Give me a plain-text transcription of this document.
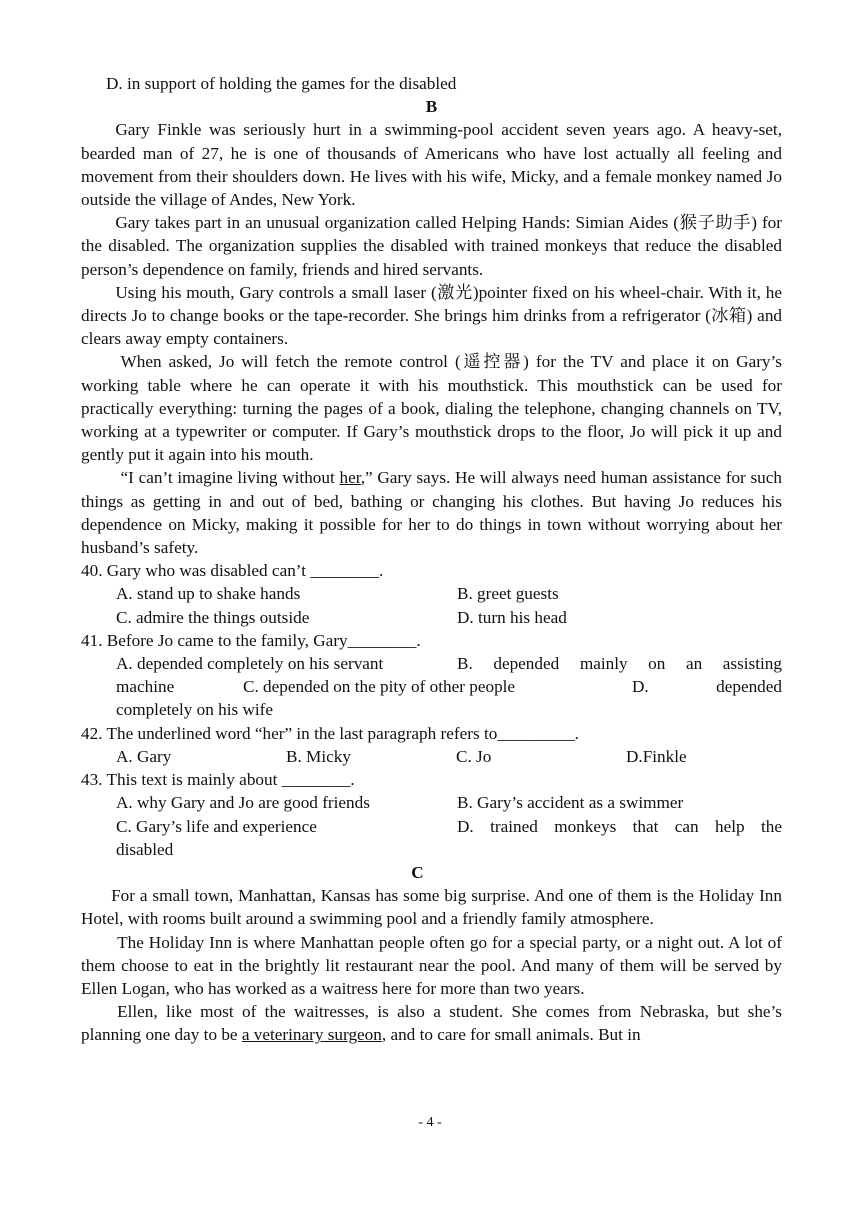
D. in support of holding the games for the disabled

B

Gary Finkle was seriously hurt in a swimming-pool accident seven years ago. A heavy-set, bearded man of 27, he is one of thousands of Americans who have lost actually all feeling and movement from their shoulders down. He lives with his wife, Micky, and a female monkey named Jo outside the village of Andes, New York.

Gary takes part in an unusual organization called Helping Hands: Simian Aides (猴子助手) for the disabled. The organization supplies the disabled with trained monkeys that reduce the disabled person’s dependence on family, friends and hired servants.

Using his mouth, Gary controls a small laser (激光)pointer fixed on his wheel-chair. With it, he directs Jo to change books or the tape-recorder. She brings him drinks from a refrigerator (冰箱) and clears away empty containers.

When asked, Jo will fetch the remote control (遥控器) for the TV and place it on Gary’s working table where he can operate it with his mouthstick. This mouthstick can be used for practically everything: turning the pages of a book, dialing the telephone, changing channels on TV, working at a typewriter or computer. If Gary’s mouthstick drops to the floor, Jo will pick it up and gently put it again into his mouth.

“I can’t imagine living without her,” Gary says. He will always need human assistance for such things as getting in and out of bed, bathing or changing his clothes. But having Jo reduces his dependence on Micky, making it possible for her to do things in town without worrying about her husband’s safety.

40. Gary who was disabled can’t ________.

A. stand up to shake hands	B. greet guests
C. admire the things outside	D. turn his head

41. Before Jo came to the family, Gary________.

A. depended completely on his servant	B. depended mainly on an assisting
machine	C. depended on the pity of other people	D. depended
completely on his wife

42. The underlined word “her” in the last paragraph refers to_________.

A. Gary	B. Micky	C. Jo	D.Finkle

43. This text is mainly about ________.

A. why Gary and Jo are good friends	B. Gary’s accident as a swimmer
C. Gary’s life and experience	D. trained monkeys that can help the
disabled

C

For a small town, Manhattan, Kansas has some big surprise. And one of them is the Holiday Inn Hotel, with rooms built around a swimming pool and a friendly family atmosphere.

The Holiday Inn is where Manhattan people often go for a special party, or a night out. A lot of them choose to eat in the brightly lit restaurant near the pool. And many of them will be served by Ellen Logan, who has worked as a waitress here for more than two years.

Ellen, like most of the waitresses, is also a student. She comes from Nebraska, but she’s planning one day to be a veterinary surgeon, and to care for small animals. But in

- 4 -
